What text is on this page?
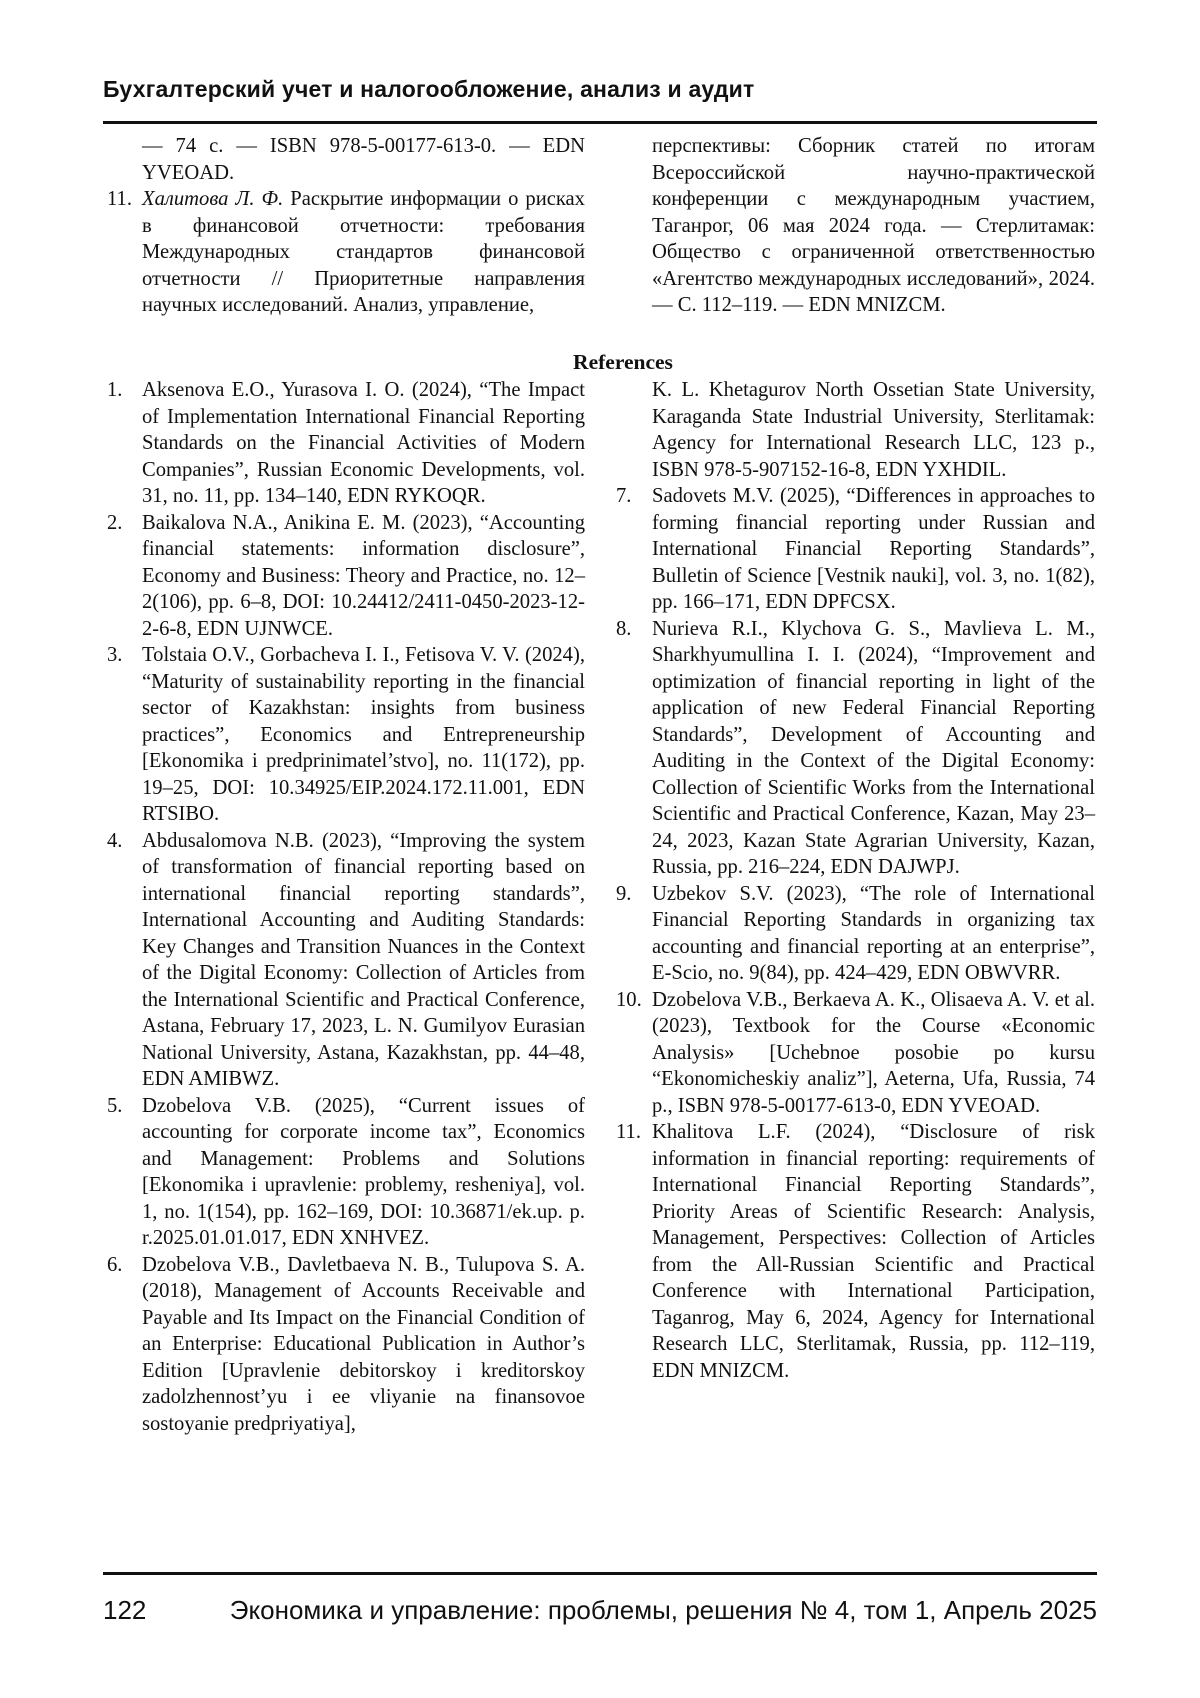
Бухгалтерский учет и налогообложение, анализ и аудит
— 74 с. — ISBN 978-5-00177-613-0. — EDN YVEOAD.
11. Халитова Л. Ф. Раскрытие информации о рисках в финансовой отчетности: требования Международных стандартов финансовой отчетности // Приоритетные направления научных исследований. Анализ, управление,
перспективы: Сборник статей по итогам Всероссийской научно-практической конференции с международным участием, Таганрог, 06 мая 2024 года. — Стерлитамак: Общество с ограниченной ответственностью «Агентство международных исследований», 2024. — С. 112–119. — EDN MNIZCM.
References
1. Aksenova E.O., Yurasova I. O. (2024), “The Impact of Implementation International Financial Reporting Standards on the Financial Activities of Modern Companies”, Russian Economic Developments, vol. 31, no. 11, pp. 134–140, EDN RYKOQR.
2. Baikalova N.A., Anikina E. M. (2023), “Accounting financial statements: information disclosure”, Economy and Business: Theory and Practice, no. 12–2(106), pp. 6–8, DOI: 10.24412/2411-0450-2023-12-2-6-8, EDN UJNWCE.
3. Tolstaia O.V., Gorbacheva I. I., Fetisova V. V. (2024), “Maturity of sustainability reporting in the financial sector of Kazakhstan: insights from business practices”, Economics and Entrepreneurship [Ekonomika i predprinimatel’stvo], no. 11(172), pp. 19–25, DOI: 10.34925/EIP.2024.172.11.001, EDN RTSIBO.
4. Abdusalomova N.B. (2023), “Improving the system of transformation of financial reporting based on international financial reporting standards”, International Accounting and Auditing Standards: Key Changes and Transition Nuances in the Context of the Digital Economy: Collection of Articles from the International Scientific and Practical Conference, Astana, February 17, 2023, L. N. Gumilyov Eurasian National University, Astana, Kazakhstan, pp. 44–48, EDN AMIBWZ.
5. Dzobelova V.B. (2025), “Current issues of accounting for corporate income tax”, Economics and Management: Problems and Solutions [Ekonomika i upravlenie: problemy, resheniya], vol. 1, no. 1(154), pp. 162–169, DOI: 10.36871/ek.up. p. r.2025.01.01.017, EDN XNHVEZ.
6. Dzobelova V.B., Davletbaeva N. B., Tulupova S. A. (2018), Management of Accounts Receivable and Payable and Its Impact on the Financial Condition of an Enterprise: Educational Publication in Author’s Edition [Upravlenie debitorskoy i kreditorskoy zadolzhennost’yu i ee vliyanie na finansovoe sostoyanie predpriyatiya],
K. L. Khetagurov North Ossetian State University, Karaganda State Industrial University, Sterlitamak: Agency for International Research LLC, 123 p., ISBN 978-5-907152-16-8, EDN YXHDIL.
7. Sadovets M.V. (2025), “Differences in approaches to forming financial reporting under Russian and International Financial Reporting Standards”, Bulletin of Science [Vestnik nauki], vol. 3, no. 1(82), pp. 166–171, EDN DPFCSX.
8. Nurieva R.I., Klychova G. S., Mavlieva L. M., Sharkhyumullina I. I. (2024), “Improvement and optimization of financial reporting in light of the application of new Federal Financial Reporting Standards”, Development of Accounting and Auditing in the Context of the Digital Economy: Collection of Scientific Works from the International Scientific and Practical Conference, Kazan, May 23–24, 2023, Kazan State Agrarian University, Kazan, Russia, pp. 216–224, EDN DAJWPJ.
9. Uzbekov S.V. (2023), “The role of International Financial Reporting Standards in organizing tax accounting and financial reporting at an enterprise”, E-Scio, no. 9(84), pp. 424–429, EDN OBWVRR.
10. Dzobelova V.B., Berkaeva A. K., Olisaeva A. V. et al. (2023), Textbook for the Course «Economic Analysis» [Uchebnoe posobie po kursu “Ekonomicheskiy analiz”], Aeterna, Ufa, Russia, 74 p., ISBN 978-5-00177-613-0, EDN YVEOAD.
11. Khalitova L.F. (2024), “Disclosure of risk information in financial reporting: requirements of International Financial Reporting Standards”, Priority Areas of Scientific Research: Analysis, Management, Perspectives: Collection of Articles from the All-Russian Scientific and Practical Conference with International Participation, Taganrog, May 6, 2024, Agency for International Research LLC, Sterlitamak, Russia, pp. 112–119, EDN MNIZCM.
122	Экономика и управление: проблемы, решения № 4, том 1, Апрель 2025
